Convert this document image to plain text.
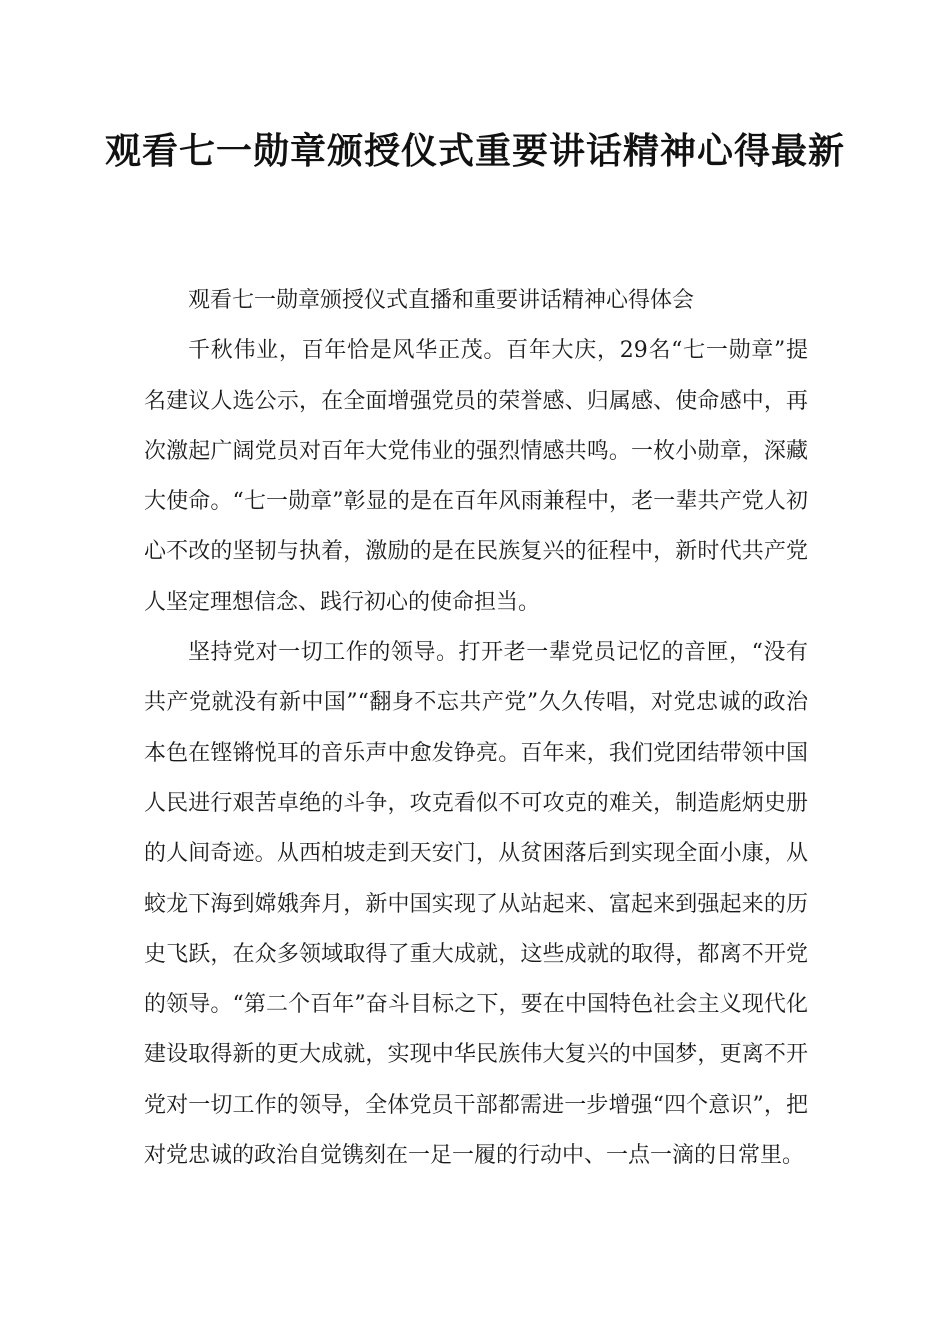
观看七一勋章颁授仪式重要讲话精神心得最新

观看七一勋章颁授仪式直播和重要讲话精神心得体会

千秋伟业，百年恰是风华正茂。百年大庆，29名“七一勋章”提名建议人选公示，在全面增强党员的荣誉感、归属感、使命感中，再次激起广阔党员对百年大党伟业的强烈情感共鸣。一枚小勋章，深藏大使命。“七一勋章”彰显的是在百年风雨兼程中，老一辈共产党人初心不改的坚韧与执着，激励的是在民族复兴的征程中，新时代共产党人坚定理想信念、践行初心的使命担当。

坚持党对一切工作的领导。打开老一辈党员记忆的音匣，“没有共产党就没有新中国”“翻身不忘共产党”久久传唱，对党忠诚的政治本色在铿锵悦耳的音乐声中愈发铮亮。百年来，我们党团结带领中国人民进行艰苦卓绝的斗争，攻克看似不可攻克的难关，制造彪炳史册的人间奇迹。从西柏坡走到天安门，从贫困落后到实现全面小康，从蛟龙下海到嫦娥奔月，新中国实现了从站起来、富起来到强起来的历史飞跃，在众多领域取得了重大成就，这些成就的取得，都离不开党的领导。“第二个百年”奋斗目标之下，要在中国特色社会主义现代化建设取得新的更大成就，实现中华民族伟大复兴的中国梦，更离不开党对一切工作的领导，全体党员干部都需进一步增强“四个意识”，把对党忠诚的政治自觉镌刻在一足一履的行动中、一点一滴的日常里。
